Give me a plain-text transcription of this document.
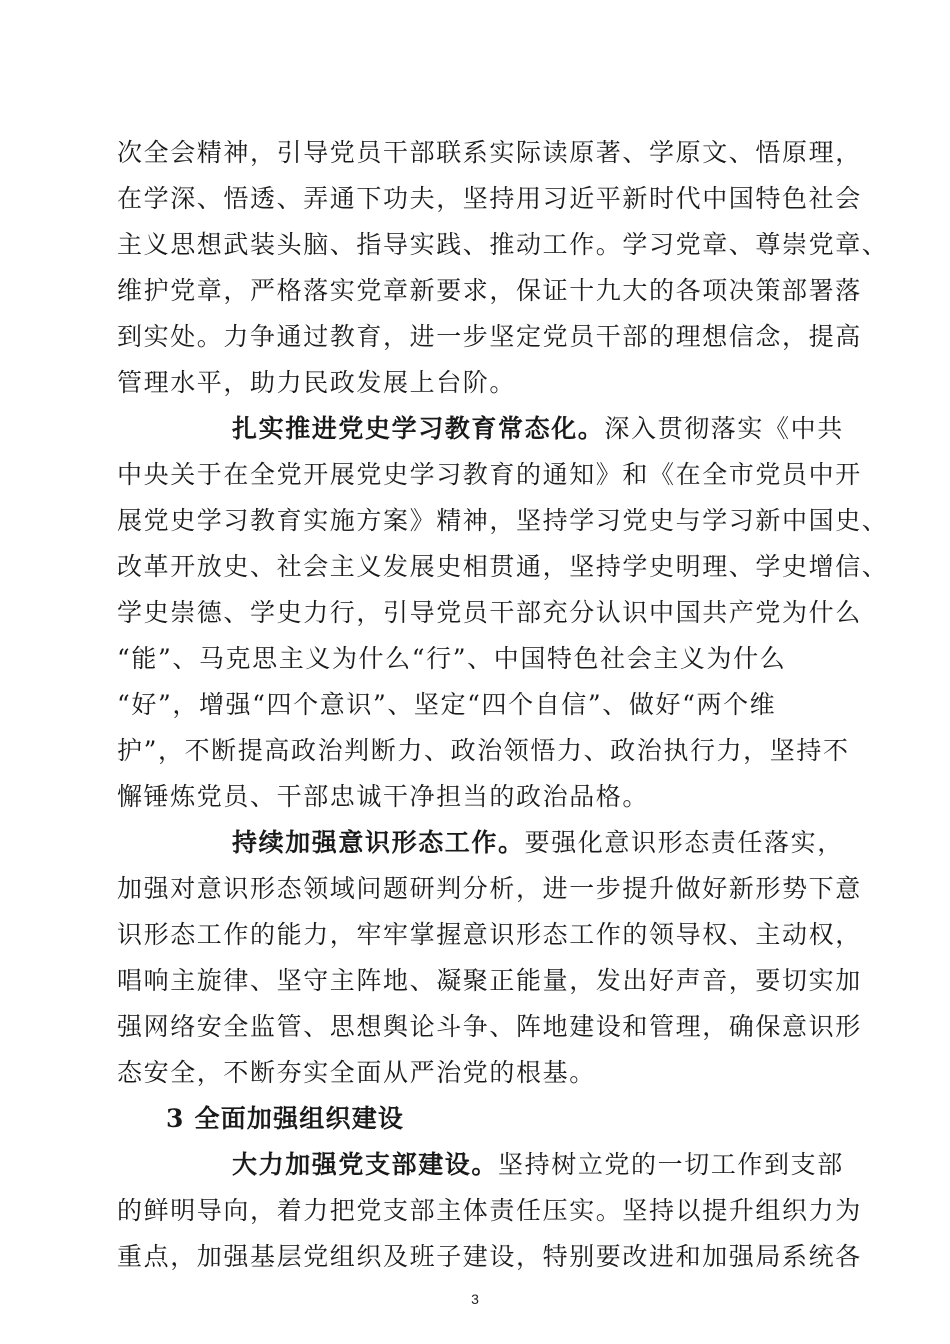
次全会精神，引导党员干部联系实际读原著、学原文、悟原理，
在学深、悟透、弄通下功夫，坚持用习近平新时代中国特色社会
主义思想武装头脑、指导实践、推动工作。学习党章、尊崇党章、
维护党章，严格落实党章新要求，保证十九大的各项决策部署落
到实处。力争通过教育，进一步坚定党员干部的理想信念，提高
管理水平，助力民政发展上台阶。
扎实推进党史学习教育常态化。深入贯彻落实《中共
中央关于在全党开展党史学习教育的通知》和《在全市党员中开
展党史学习教育实施方案》精神，坚持学习党史与学习新中国史、
改革开放史、社会主义发展史相贯通，坚持学史明理、学史增信、
学史崇德、学史力行，引导党员干部充分认识中国共产党为什么
“能”、马克思主义为什么“行”、中国特色社会主义为什么
“好”，增强“四个意识”、坚定“四个自信”、做好“两个维
护”，不断提高政治判断力、政治领悟力、政治执行力，坚持不
懈锤炼党员、干部忠诚干净担当的政治品格。
持续加强意识形态工作。要强化意识形态责任落实，
加强对意识形态领域问题研判分析，进一步提升做好新形势下意
识形态工作的能力，牢牢掌握意识形态工作的领导权、主动权，
唱响主旋律、坚守主阵地、凝聚正能量，发出好声音，要切实加
强网络安全监管、思想舆论斗争、阵地建设和管理，确保意识形
态安全，不断夯实全面从严治党的根基。
3 全面加强组织建设
大力加强党支部建设。坚持树立党的一切工作到支部
的鲜明导向，着力把党支部主体责任压实。坚持以提升组织力为
重点，加强基层党组织及班子建设，特别要改进和加强局系统各
3
